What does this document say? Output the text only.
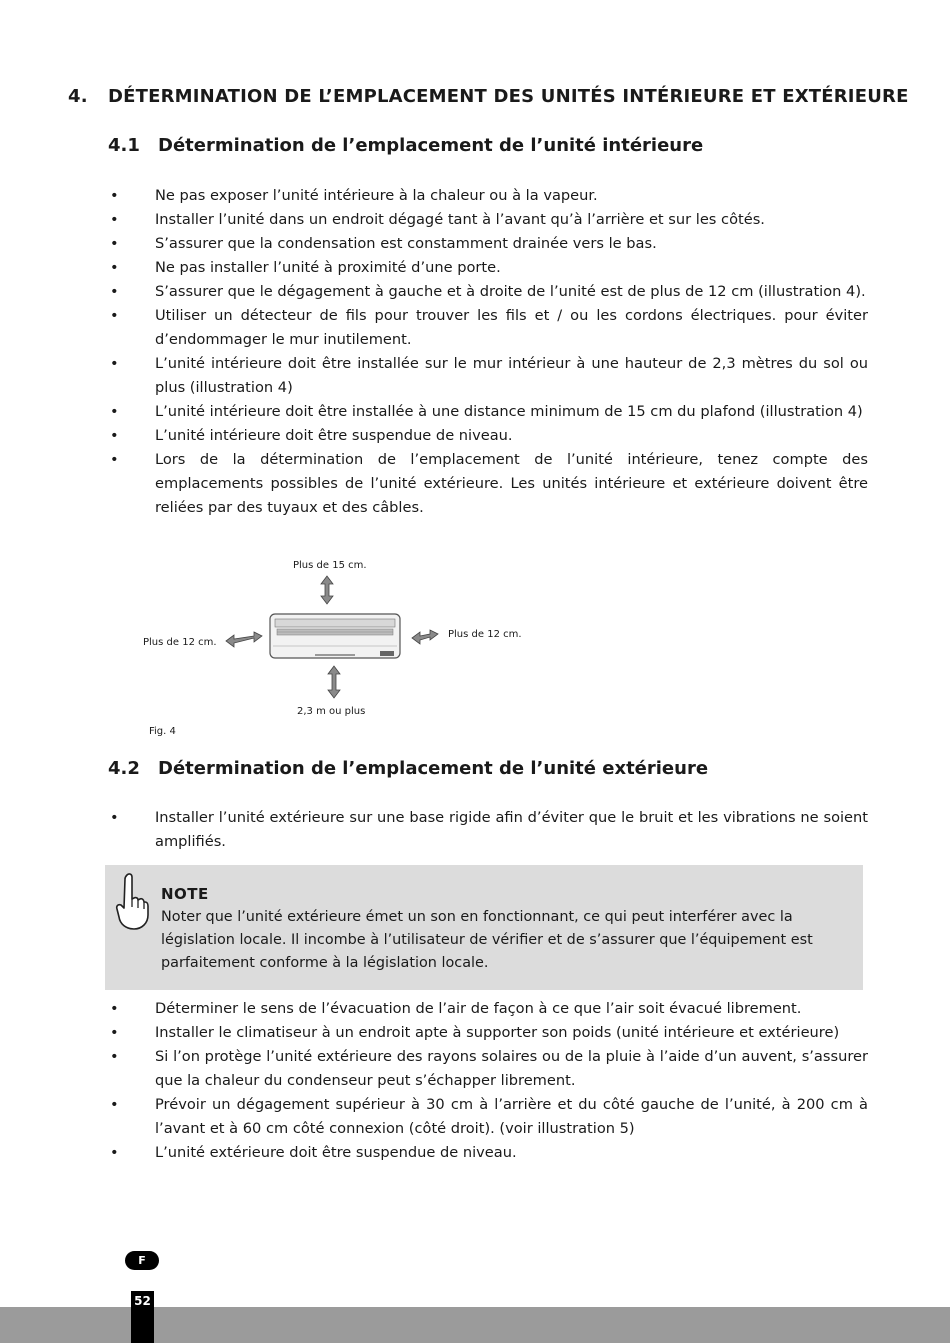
4. DÉTERMINATION DE L’EMPLACEMENT DES UNITÉS INTÉRIEURE ET EXTÉRIEURE
4.1 Détermination de l’emplacement de l’unité intérieure
• Ne pas exposer l’unité intérieure à la chaleur ou à la vapeur.
• Installer l’unité dans un endroit dégagé tant à l’avant qu’à l’arrière et sur les côtés.
• S’assurer que la condensation est constamment drainée vers le bas.
• Ne pas installer l’unité à proximité d’une porte.
• S’assurer que le dégagement à gauche et à droite de l’unité est de plus de 12 cm (illustration 4).
• Utiliser un détecteur de fils pour trouver les fils et / ou les cordons électriques. pour éviter d’endommager le mur inutilement.
• L’unité intérieure doit être installée sur le mur intérieur à une hauteur de 2,3 mètres du sol ou plus (illustration 4)
• L’unité intérieure doit être installée à une distance minimum de 15 cm du plafond (illustration 4)
• L’unité intérieure doit être suspendue de niveau.
• Lors de la détermination de l’emplacement de l’unité intérieure, tenez compte des emplacements possibles de l’unité extérieure. Les unités intérieure et extérieure doivent être reliées par des tuyaux et des câbles.
Plus de 15 cm.
Plus de 12 cm.
Plus de 12 cm.
2,3 m ou plus
Fig. 4
4.2 Détermination de l’emplacement de l’unité extérieure
• Installer l’unité extérieure sur une base rigide afin d’éviter que le bruit et les vibrations ne soient amplifiés.
NOTE
Noter que l’unité extérieure émet un son en fonctionnant, ce qui peut interférer avec la législation locale. Il incombe à l’utilisateur de vérifier et de s’assurer que l’équipement est parfaitement conforme à la législation locale.
• Déterminer le sens de l’évacuation de l’air de façon à ce que l’air soit évacué librement.
• Installer le climatiseur à un endroit apte à supporter son poids (unité intérieure et extérieure)
• Si l’on protège l’unité extérieure des rayons solaires ou de la pluie à l’aide d’un auvent, s’assurer que la chaleur du condenseur peut s’échapper librement.
• Prévoir un dégagement supérieur à 30 cm à l’arrière et du côté gauche de l’unité, à 200 cm à l’avant et à 60 cm côté connexion (côté droit). (voir illustration 5)
• L’unité extérieure doit être suspendue de niveau.
F
52
